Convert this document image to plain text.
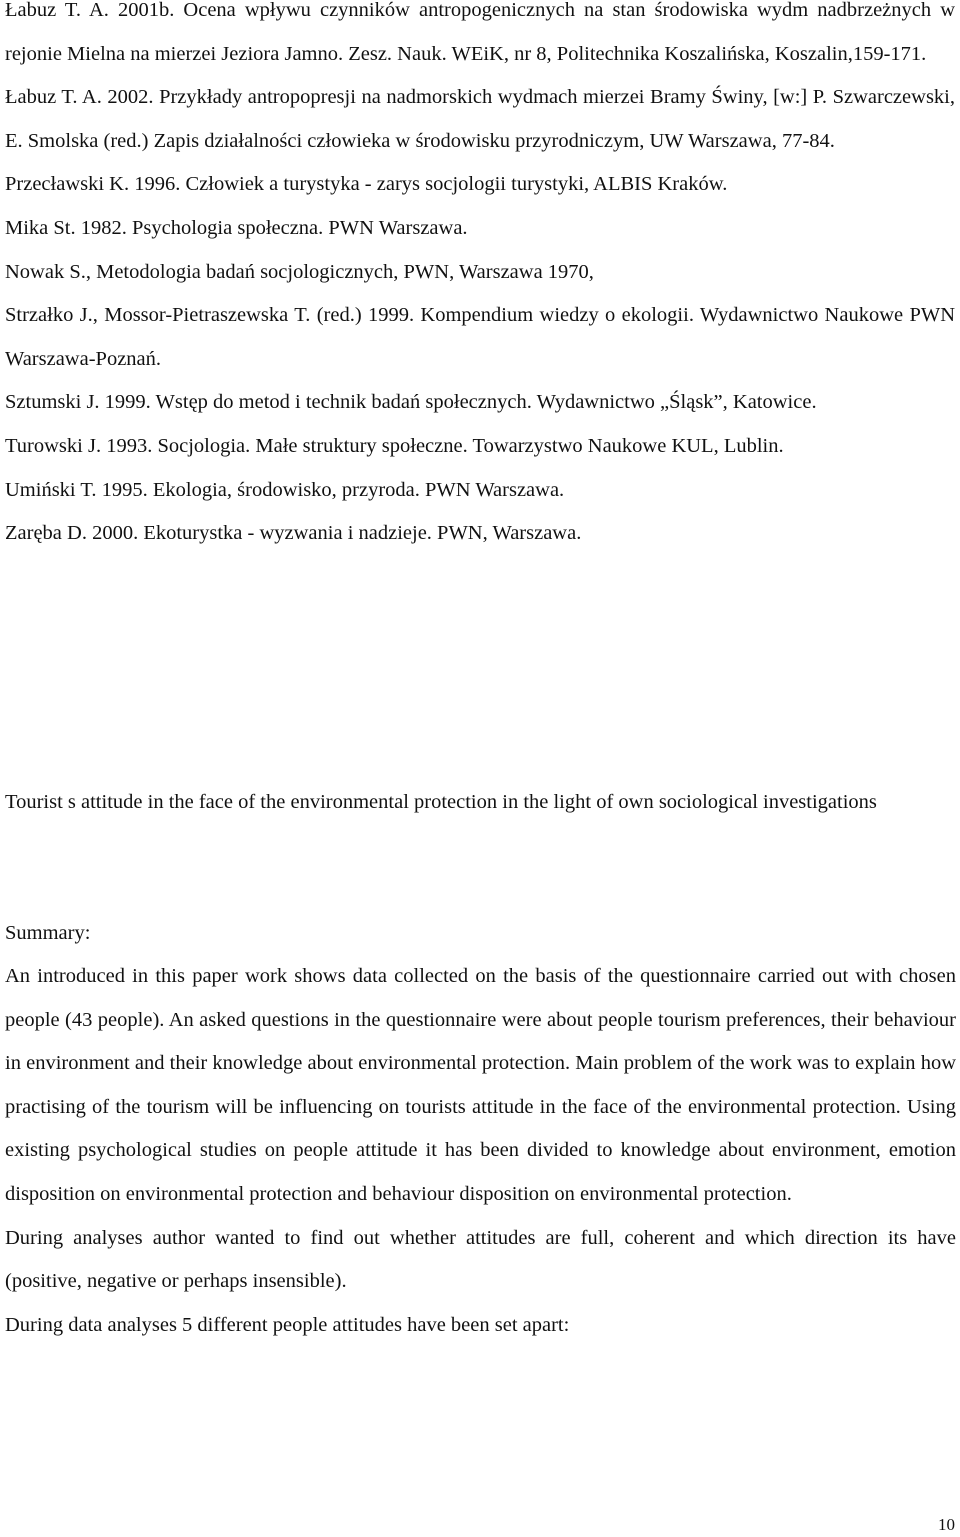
Łabuz T. A. 2001b. Ocena wpływu czynników antropogenicznych na stan środowiska wydm nadbrzeżnych w rejonie Mielna na mierzei Jeziora Jamno. Zesz. Nauk. WEiK, nr 8, Politechnika Koszalińska, Koszalin,159-171.

Łabuz T. A. 2002. Przykłady antropopresji na nadmorskich wydmach mierzei Bramy Świny, [w:] P. Szwarczewski, E. Smolska (red.) Zapis działalności człowieka w środowisku przyrodniczym, UW Warszawa, 77-84.

Przecławski K. 1996. Człowiek a turystyka - zarys socjologii turystyki, ALBIS Kraków.

Mika St. 1982. Psychologia społeczna. PWN Warszawa.

Nowak S., Metodologia badań socjologicznych, PWN, Warszawa 1970,

Strzałko J., Mossor-Pietraszewska T. (red.) 1999. Kompendium wiedzy o ekologii. Wydawnictwo Naukowe PWN Warszawa-Poznań.

Sztumski J. 1999. Wstęp do metod i technik badań społecznych. Wydawnictwo „Śląsk”, Katowice.

Turowski J. 1993. Socjologia. Małe struktury społeczne. Towarzystwo Naukowe KUL, Lublin.

Umiński T. 1995. Ekologia, środowisko, przyroda. PWN Warszawa.

Zaręba D. 2000. Ekoturystka - wyzwania i nadzieje. PWN, Warszawa.

Tourist s attitude in the face of the environmental protection in the light of own sociological investigations
Summary:

An introduced in this paper work shows data collected on the basis of the questionnaire carried out with chosen people (43 people). An asked questions in the questionnaire were about people tourism preferences, their behaviour in environment and their knowledge about environmental protection. Main problem of the work was to explain how practising of the tourism will be influencing on tourists attitude in the face of the environmental protection. Using existing psychological studies on people attitude it has been divided to knowledge about environment, emotion disposition on environmental protection and behaviour disposition on environmental protection.

During analyses author wanted to find out whether attitudes are full, coherent and which direction its have (positive, negative or perhaps insensible).

During data analyses 5 different people attitudes have been set apart:

10
